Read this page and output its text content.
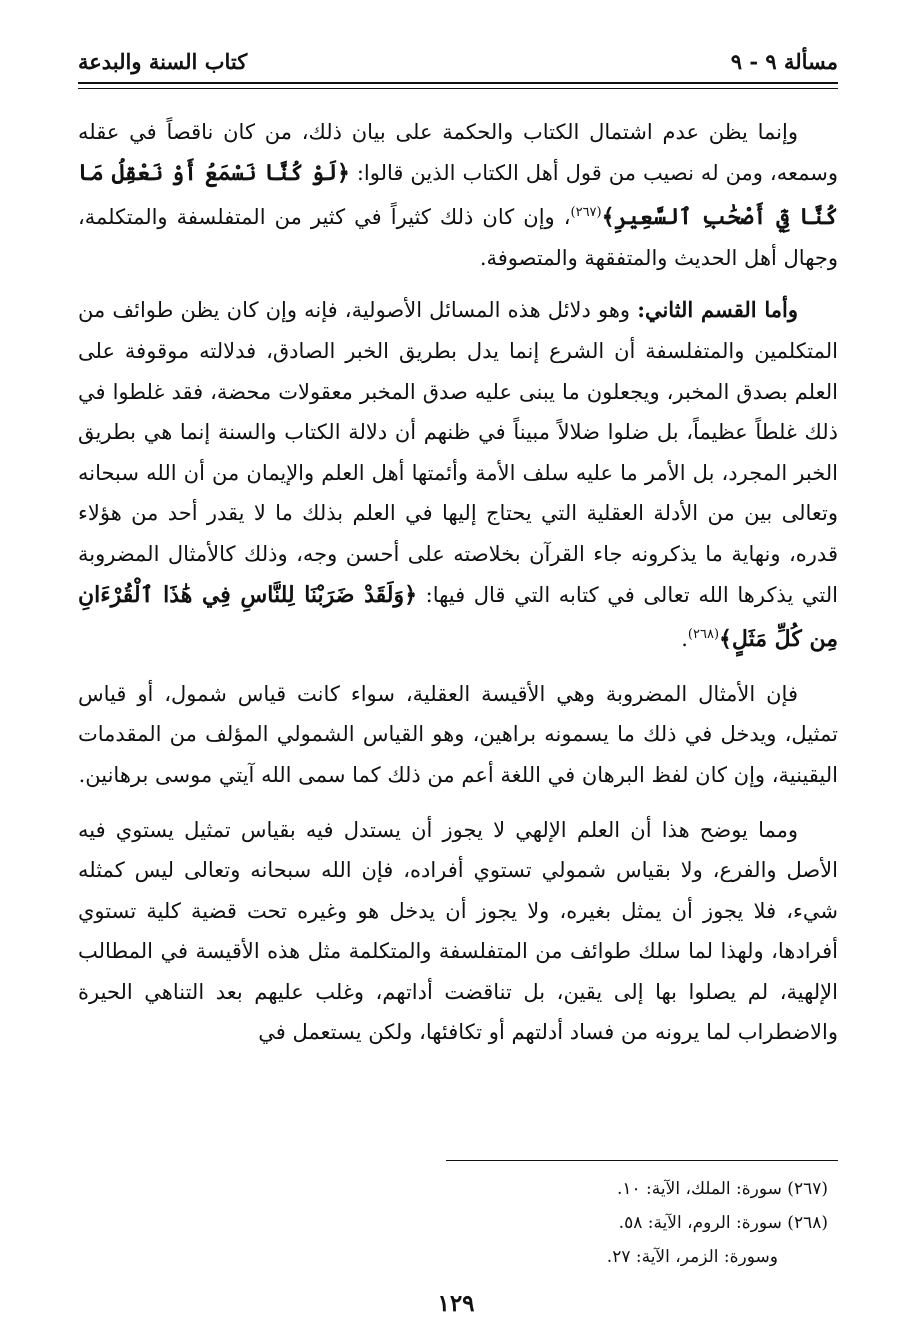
مسألة ٩ - ٩
كتاب السنة والبدعة

وإنما يظن عدم اشتمال الكتاب والحكمة على بيان ذلك، من كان ناقصاً في عقله وسمعه، ومن له نصيب من قول أهل الكتاب الذين قالوا: ﴿لَوْ كُنَّا نَسْمَعُ أَوْ نَعْقِلُ مَا كُنَّا فِيٓ أَصْحَٰبِ ٱلسَّعِيرِ﴾$^{(٢٦٧)}$، وإن كان ذلك كثيراً في كثير من المتفلسفة والمتكلمة، وجهال أهل الحديث والمتفقهة والمتصوفة.

وأما القسم الثاني: وهو دلائل هذه المسائل الأصولية، فإنه وإن كان يظن طوائف من المتكلمين والمتفلسفة أن الشرع إنما يدل بطريق الخبر الصادق، فدلالته موقوفة على العلم بصدق المخبر، ويجعلون ما يبنى عليه صدق المخبر معقولات محضة، فقد غلطوا في ذلك غلطاً عظيماً، بل ضلوا ضلالاً مبيناً في ظنهم أن دلالة الكتاب والسنة إنما هي بطريق الخبر المجرد، بل الأمر ما عليه سلف الأمة وأئمتها أهل العلم والإيمان من أن الله سبحانه وتعالى بين من الأدلة العقلية التي يحتاج إليها في العلم بذلك ما لا يقدر أحد من هؤلاء قدره، ونهاية ما يذكرونه جاء القرآن بخلاصته على أحسن وجه، وذلك كالأمثال المضروبة التي يذكرها الله تعالى في كتابه التي قال فيها: ﴿وَلَقَدْ ضَرَبْنَا لِلنَّاسِ فِي هَٰذَا ٱلْقُرْءَانِ مِن كُلِّ مَثَلٍ﴾$^{(٢٦٨)}$.

فإن الأمثال المضروبة وهي الأقيسة العقلية، سواء كانت قياس شمول، أو قياس تمثيل، ويدخل في ذلك ما يسمونه براهين، وهو القياس الشمولي المؤلف من المقدمات اليقينية، وإن كان لفظ البرهان في اللغة أعم من ذلك كما سمى الله آيتي موسى برهانين.

ومما يوضح هذا أن العلم الإلهي لا يجوز أن يستدل فيه بقياس تمثيل يستوي فيه الأصل والفرع، ولا بقياس شمولي تستوي أفراده، فإن الله سبحانه وتعالى ليس كمثله شيء، فلا يجوز أن يمثل بغيره، ولا يجوز أن يدخل هو وغيره تحت قضية كلية تستوي أفرادها، ولهذا لما سلك طوائف من المتفلسفة والمتكلمة مثل هذه الأقيسة في المطالب الإلهية، لم يصلوا بها إلى يقين، بل تناقضت أداتهم، وغلب عليهم بعد التناهي الحيرة والاضطراب لما يرونه من فساد أدلتهم أو تكافئها، ولكن يستعمل في

(٢٦٧) سورة: الملك، الآية: ١٠.
(٢٦٨) سورة: الروم، الآية: ٥٨.
وسورة: الزمر، الآية: ٢٧.
١٢٩
